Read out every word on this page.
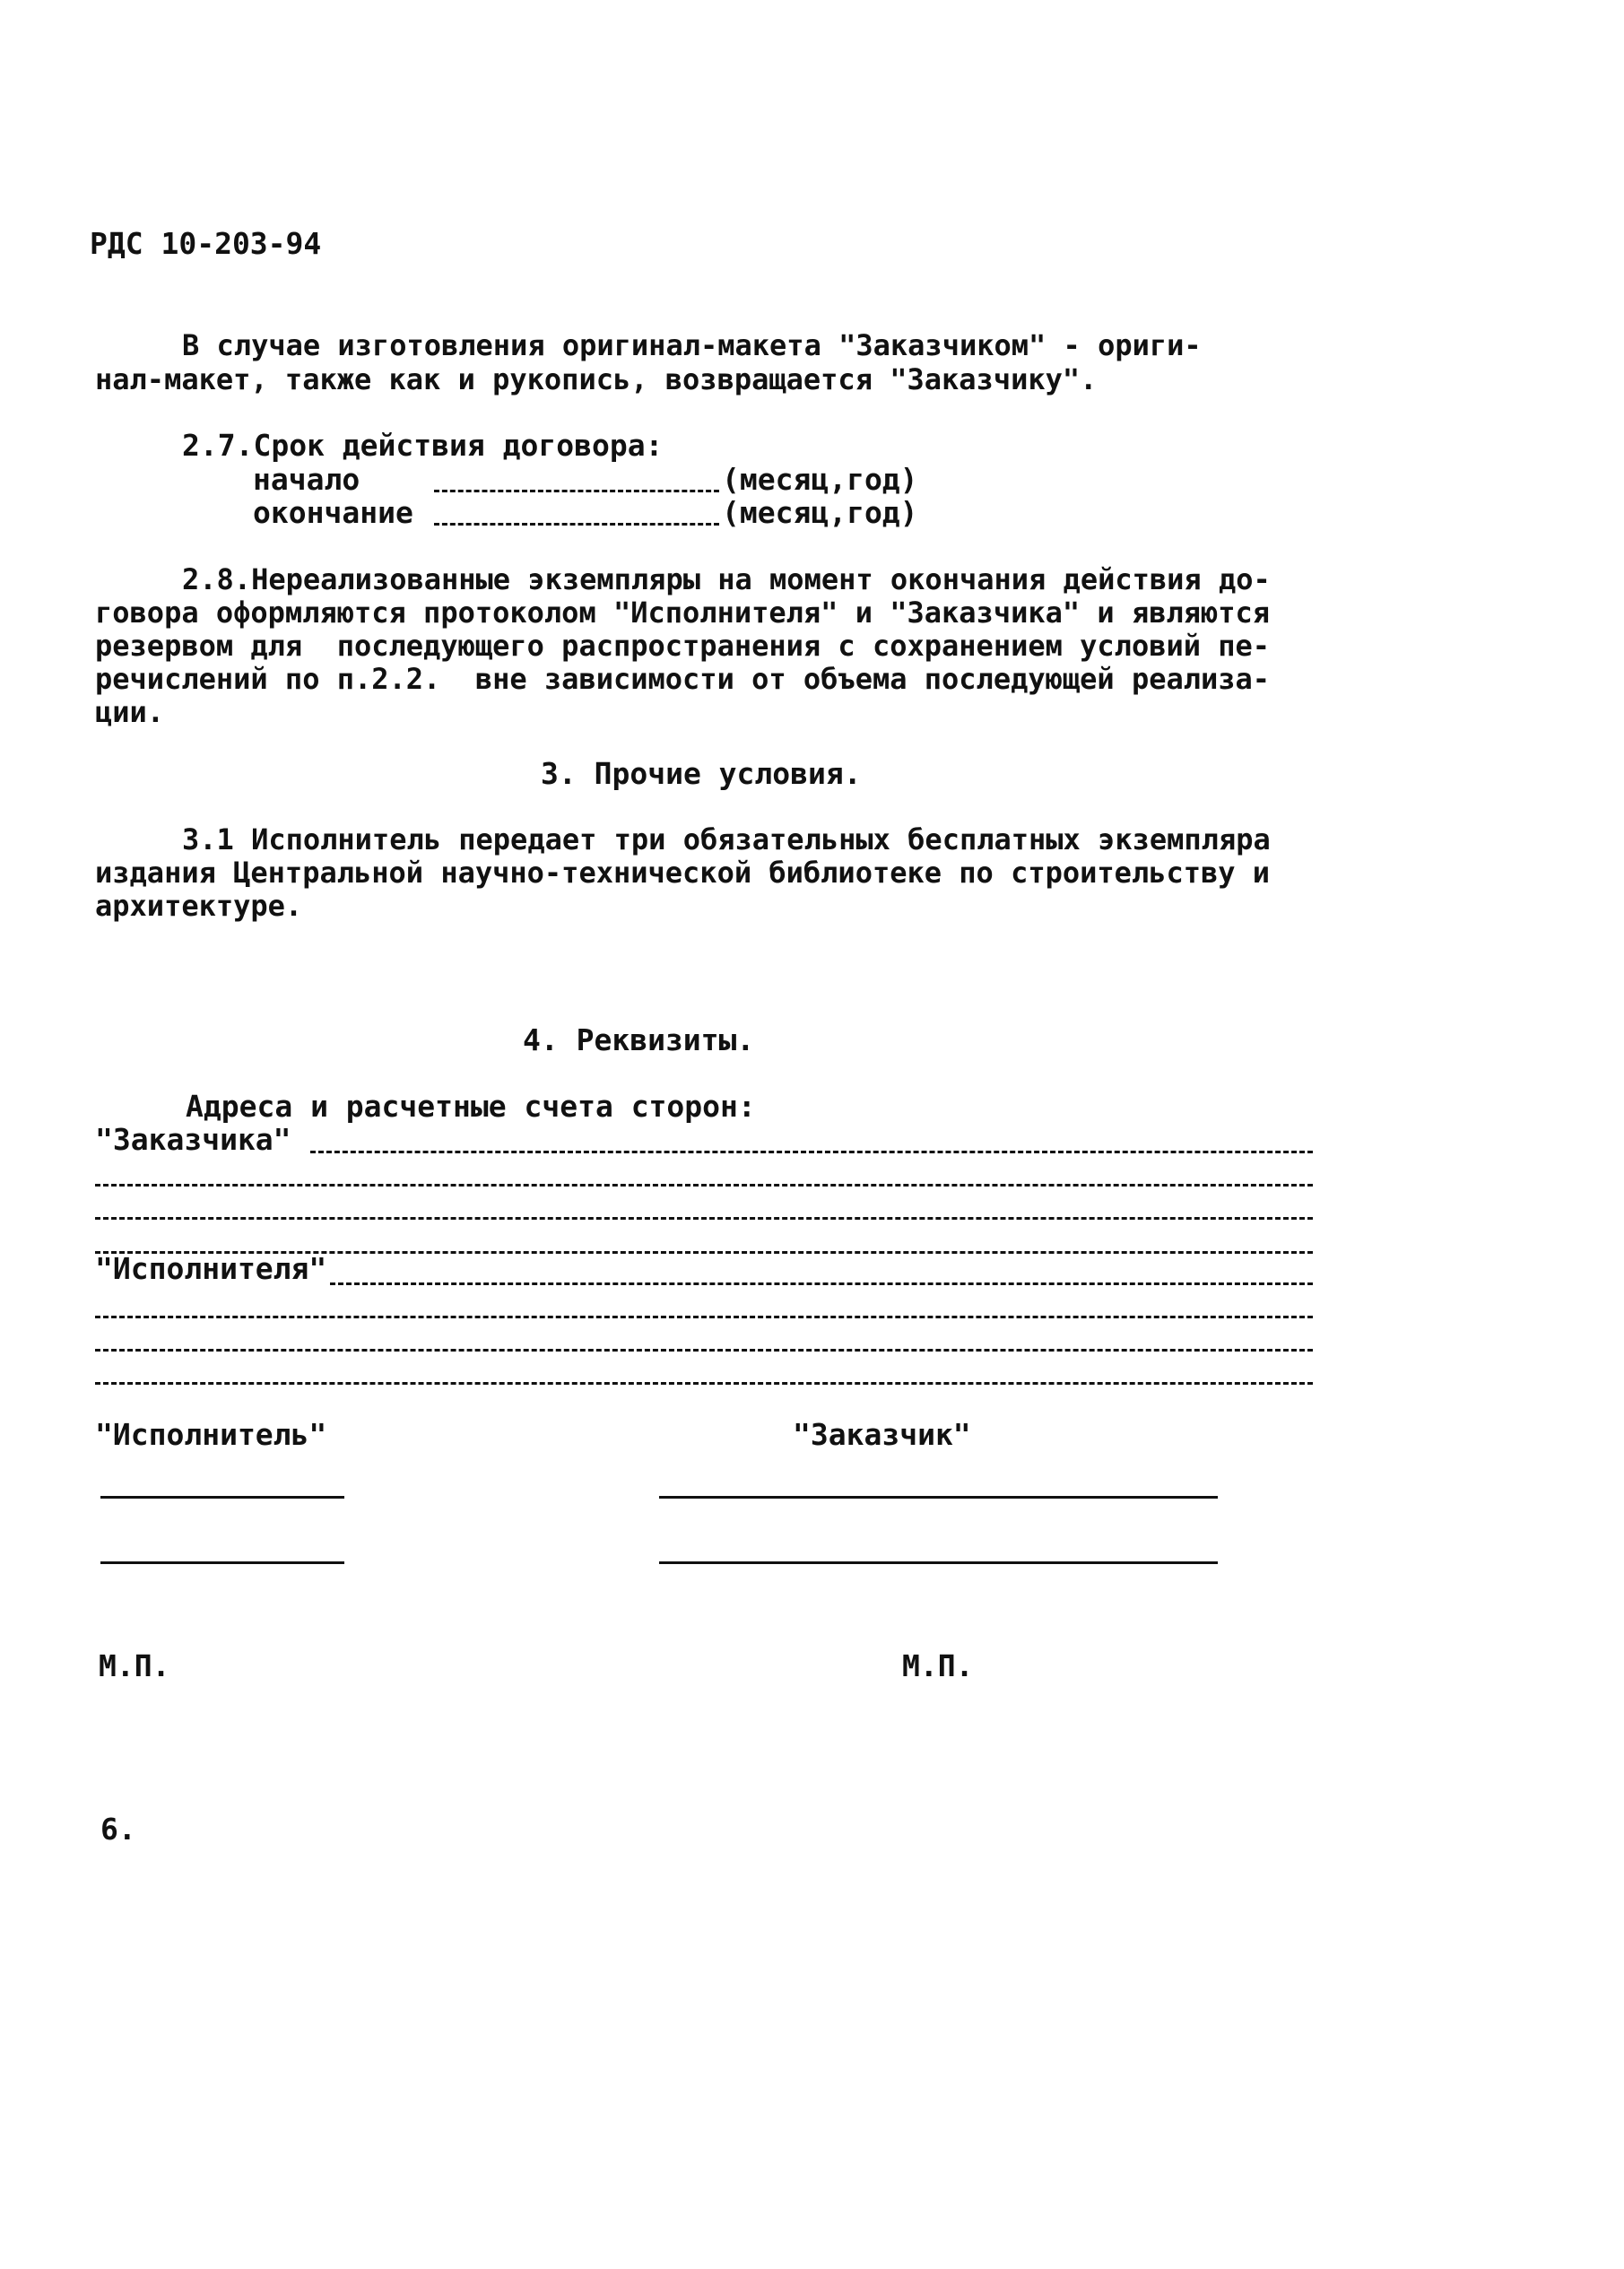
РДС 10-203-94
В случае изготовления оригинал-макета "Заказчиком" - ориги-
нал-макет, также как и рукопись, возвращается "Заказчику".
2.7.Срок действия договора:
начало	(месяц,год)
окончание	(месяц,год)
2.8.Нереализованные экземпляры на момент окончания действия до-
говора оформляются протоколом "Исполнителя" и "Заказчика" и являются
резервом для  последующего распространения с сохранением условий пе-
речислений по п.2.2.  вне зависимости от объема последующей реализа-
ции.
3. Прочие условия.
3.1 Исполнитель передает три обязательных бесплатных экземпляра
издания Центральной научно-технической библиотеке по строительству и
архитектуре.
4. Реквизиты.
Адреса и расчетные счета сторон:
"Заказчика"
"Исполнителя"
"Исполнитель"	"Заказчик"
М.П.	М.П.
6.
